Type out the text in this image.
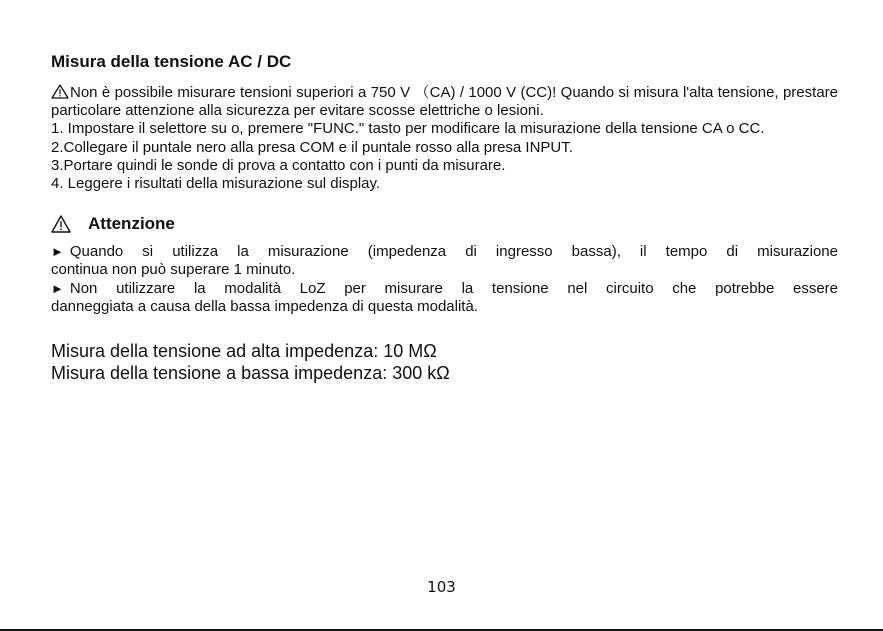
Misura della tensione AC / DC

Non è possibile misurare tensioni superiori a 750 V （CA) / 1000 V (CC)! Quando si misura l'alta tensione, prestare particolare attenzione alla sicurezza per evitare scosse elettriche o lesioni.

1. Impostare il selettore su o, premere "FUNC." tasto per modificare la misurazione della tensione CA o CC.

2.Collegare il puntale nero alla presa COM e il puntale rosso alla presa INPUT.

3.Portare quindi le sonde di prova a contatto con i punti da misurare.

4. Leggere i risultati della misurazione sul display.

Attenzione
► Quando si utilizza la misurazione (impedenza di ingresso bassa), il tempo di misurazione
continua non può superare 1 minuto.
► Non utilizzare la modalità LoZ per misurare la tensione nel circuito che potrebbe essere
danneggiata a causa della bassa impedenza di questa modalità.

Misura della tensione ad alta impedenza: 10 MΩ

Misura della tensione a bassa impedenza: 300 kΩ

103
